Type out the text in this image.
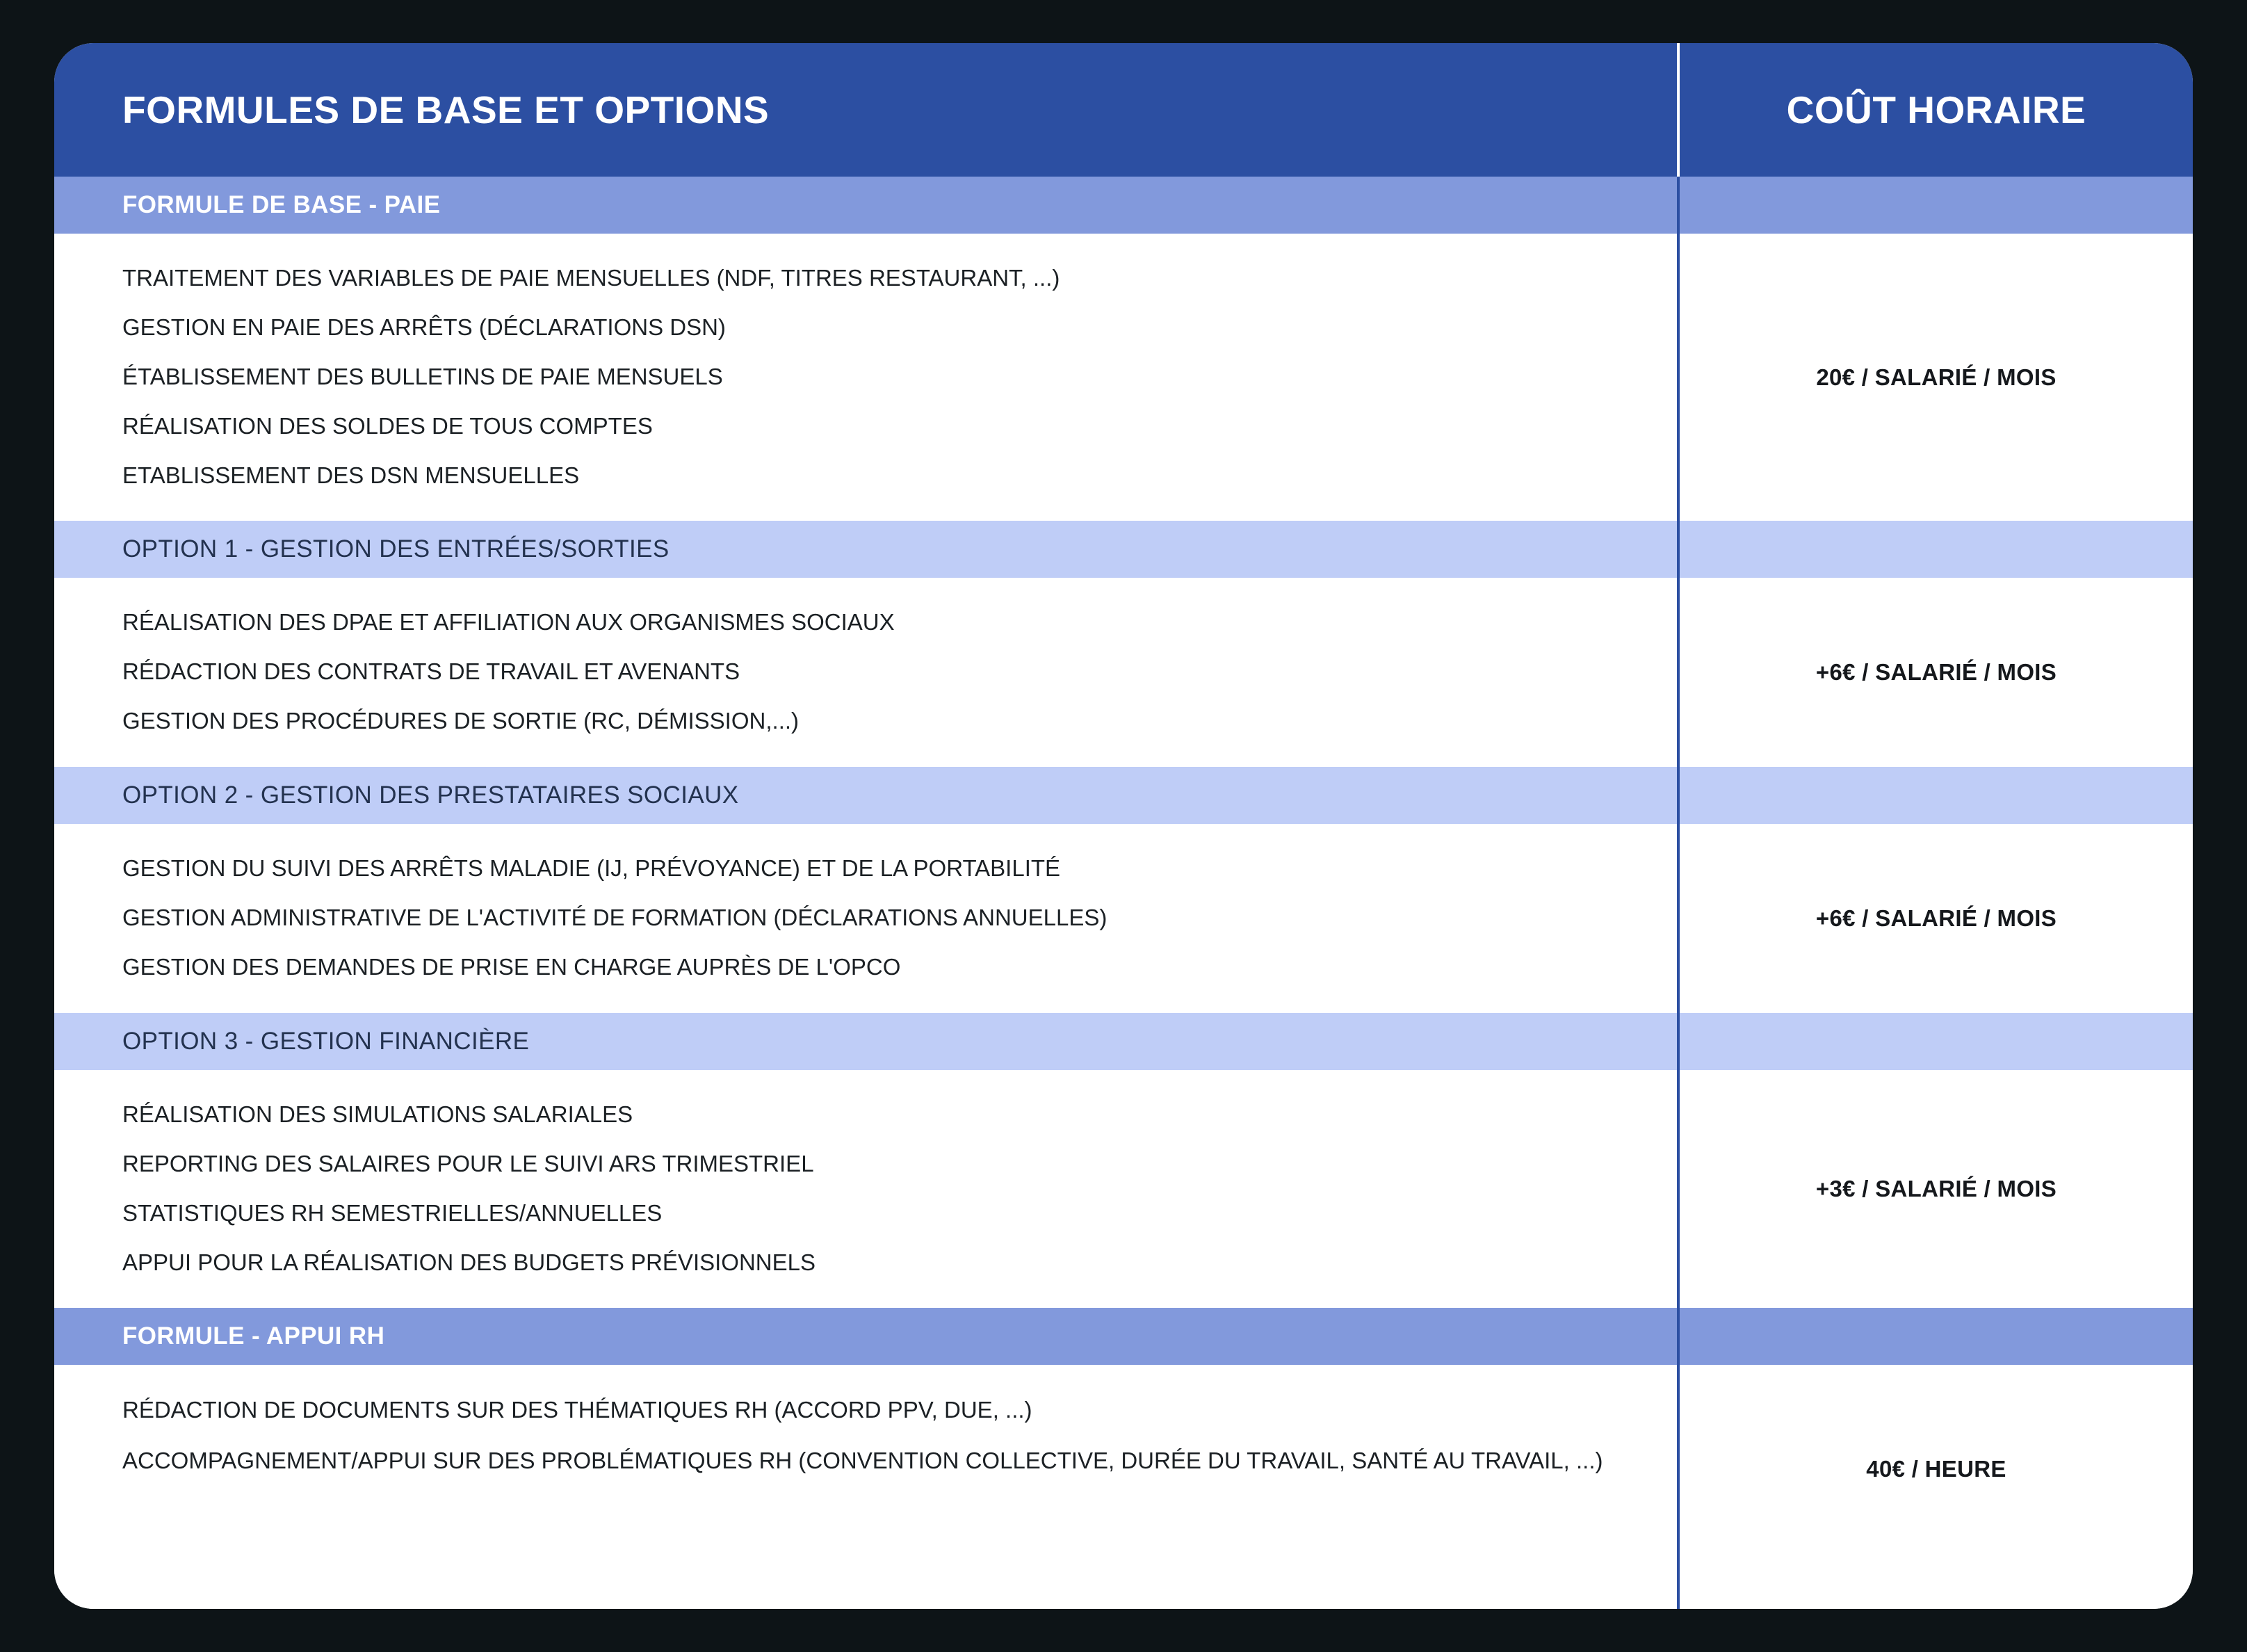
FORMULES DE BASE ET OPTIONS	COÛT HORAIRE
FORMULE DE BASE - PAIE
TRAITEMENT DES VARIABLES DE PAIE MENSUELLES (NDF, TITRES RESTAURANT, ...)
GESTION EN PAIE DES ARRÊTS (DÉCLARATIONS DSN)
ÉTABLISSEMENT DES BULLETINS DE PAIE MENSUELS
RÉALISATION DES SOLDES DE TOUS COMPTES
ETABLISSEMENT DES DSN MENSUELLES
20€ / SALARIÉ / MOIS
OPTION 1 - GESTION DES ENTRÉES/SORTIES
RÉALISATION DES DPAE ET AFFILIATION AUX ORGANISMES SOCIAUX
RÉDACTION DES CONTRATS DE TRAVAIL ET AVENANTS
GESTION DES PROCÉDURES DE SORTIE (RC, DÉMISSION,...)
+6€ / SALARIÉ / MOIS
OPTION 2 - GESTION DES PRESTATAIRES SOCIAUX
GESTION DU SUIVI DES ARRÊTS MALADIE (IJ, PRÉVOYANCE) ET DE LA PORTABILITÉ
GESTION ADMINISTRATIVE DE L'ACTIVITÉ DE FORMATION (DÉCLARATIONS ANNUELLES)
GESTION DES DEMANDES DE PRISE EN CHARGE AUPRÈS DE L'OPCO
+6€ / SALARIÉ / MOIS
OPTION 3 - GESTION FINANCIÈRE
RÉALISATION DES SIMULATIONS SALARIALES
REPORTING DES SALAIRES POUR LE SUIVI ARS TRIMESTRIEL
STATISTIQUES RH SEMESTRIELLES/ANNUELLES
APPUI POUR LA RÉALISATION DES BUDGETS PRÉVISIONNELS
+3€ / SALARIÉ / MOIS
FORMULE - APPUI RH
RÉDACTION DE DOCUMENTS SUR DES THÉMATIQUES RH (ACCORD PPV, DUE, ...)
ACCOMPAGNEMENT/APPUI SUR DES PROBLÉMATIQUES RH (CONVENTION COLLECTIVE, DURÉE DU TRAVAIL, SANTÉ AU TRAVAIL, ...)	40€ / HEURE
